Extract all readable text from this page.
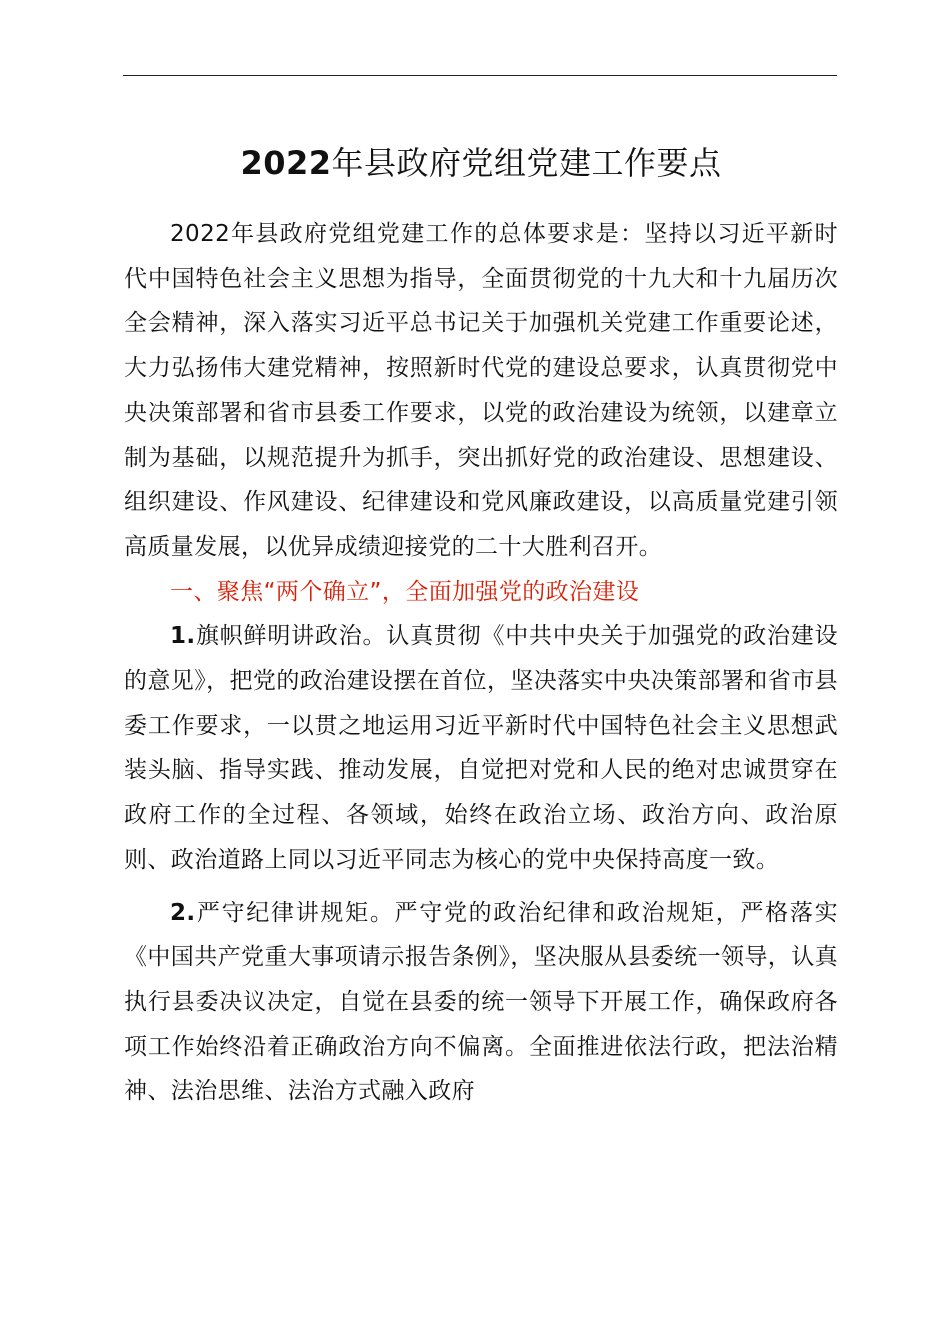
2022年县政府党组党建工作要点

2022年县政府党组党建工作的总体要求是：坚持以习近平新时代中国特色社会主义思想为指导，全面贯彻党的十九大和十九届历次全会精神，深入落实习近平总书记关于加强机关党建工作重要论述，大力弘扬伟大建党精神，按照新时代党的建设总要求，认真贯彻党中央决策部署和省市县委工作要求，以党的政治建设为统领，以建章立制为基础，以规范提升为抓手，突出抓好党的政治建设、思想建设、组织建设、作风建设、纪律建设和党风廉政建设，以高质量党建引领高质量发展，以优异成绩迎接党的二十大胜利召开。

一、聚焦“两个确立”，全面加强党的政治建设

1.旗帜鲜明讲政治。认真贯彻《中共中央关于加强党的政治建设的意见》，把党的政治建设摆在首位，坚决落实中央决策部署和省市县委工作要求，一以贯之地运用习近平新时代中国特色社会主义思想武装头脑、指导实践、推动发展，自觉把对党和人民的绝对忠诚贯穿在政府工作的全过程、各领域，始终在政治立场、政治方向、政治原则、政治道路上同以习近平同志为核心的党中央保持高度一致。

2.严守纪律讲规矩。严守党的政治纪律和政治规矩，严格落实《中国共产党重大事项请示报告条例》，坚决服从县委统一领导，认真执行县委决议决定，自觉在县委的统一领导下开展工作，确保政府各项工作始终沿着正确政治方向不偏离。全面推进依法行政，把法治精神、法治思维、法治方式融入政府
